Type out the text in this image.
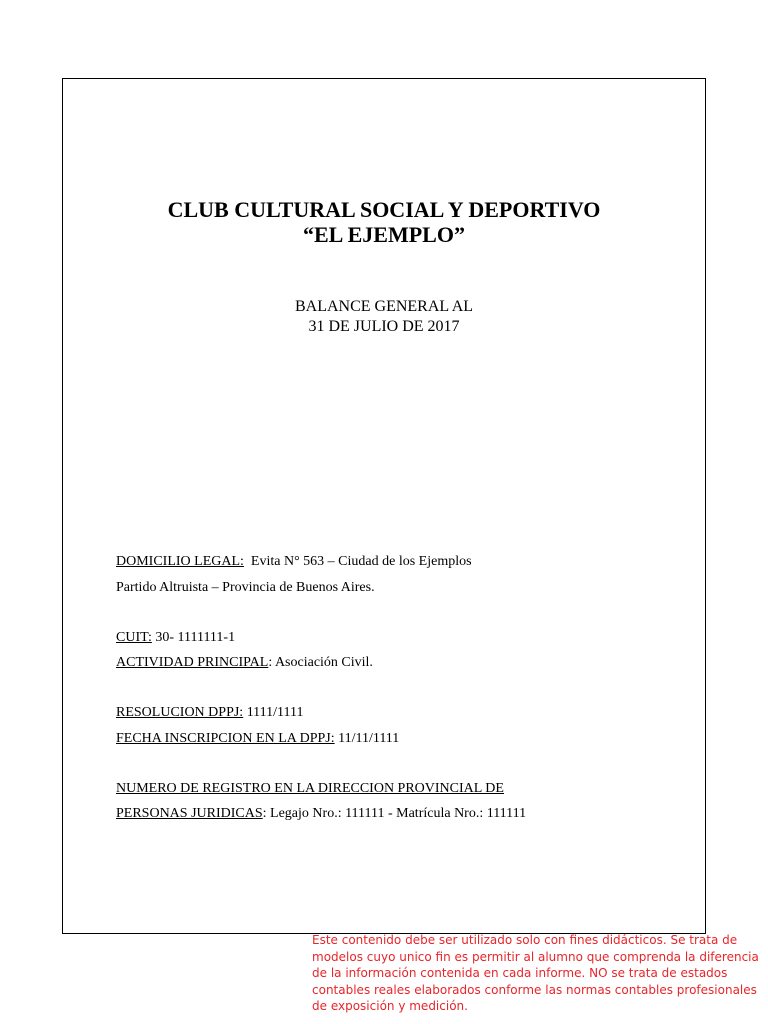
CLUB CULTURAL SOCIAL Y DEPORTIVO
“EL EJEMPLO”
BALANCE GENERAL AL
31 DE JULIO DE 2017
DOMICILIO LEGAL: Evita N° 563 – Ciudad de los Ejemplos
Partido Altruista – Provincia de Buenos Aires.
CUIT: 30- 1111111-1
ACTIVIDAD PRINCIPAL: Asociación Civil.
RESOLUCION DPPJ: 1111/1111
FECHA INSCRIPCION EN LA DPPJ: 11/11/1111
NUMERO DE REGISTRO EN LA DIRECCION PROVINCIAL DE
PERSONAS JURIDICAS: Legajo Nro.: 111111 - Matrícula Nro.: 111111
Este contenido debe ser utilizado solo con fines didácticos. Se trata de modelos cuyo unico fin es permitir al alumno que comprenda la diferencia de la información contenida en cada informe. NO se trata de estados contables reales elaborados conforme las normas contables profesionales de exposición y medición.
